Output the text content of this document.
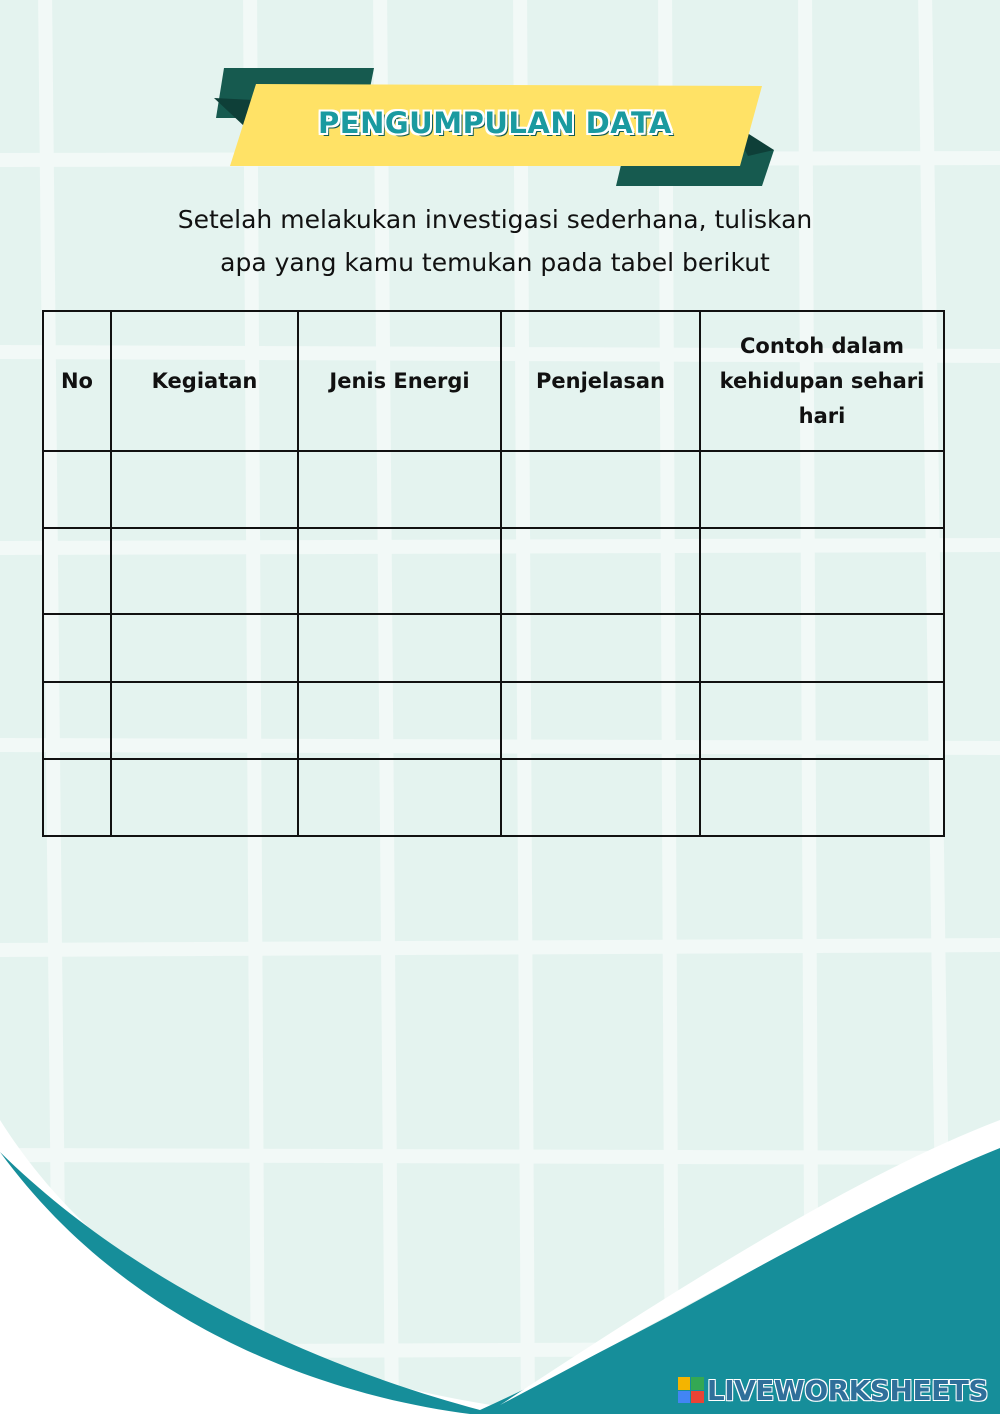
PENGUMPULAN DATA
Setelah melakukan investigasi sederhana, tuliskan
apa yang kamu temukan pada tabel berikut
No	Kegiatan	Jenis Energi	Penjelasan	Contoh dalam kehidupan sehari hari

LIVEWORKSHEETS
